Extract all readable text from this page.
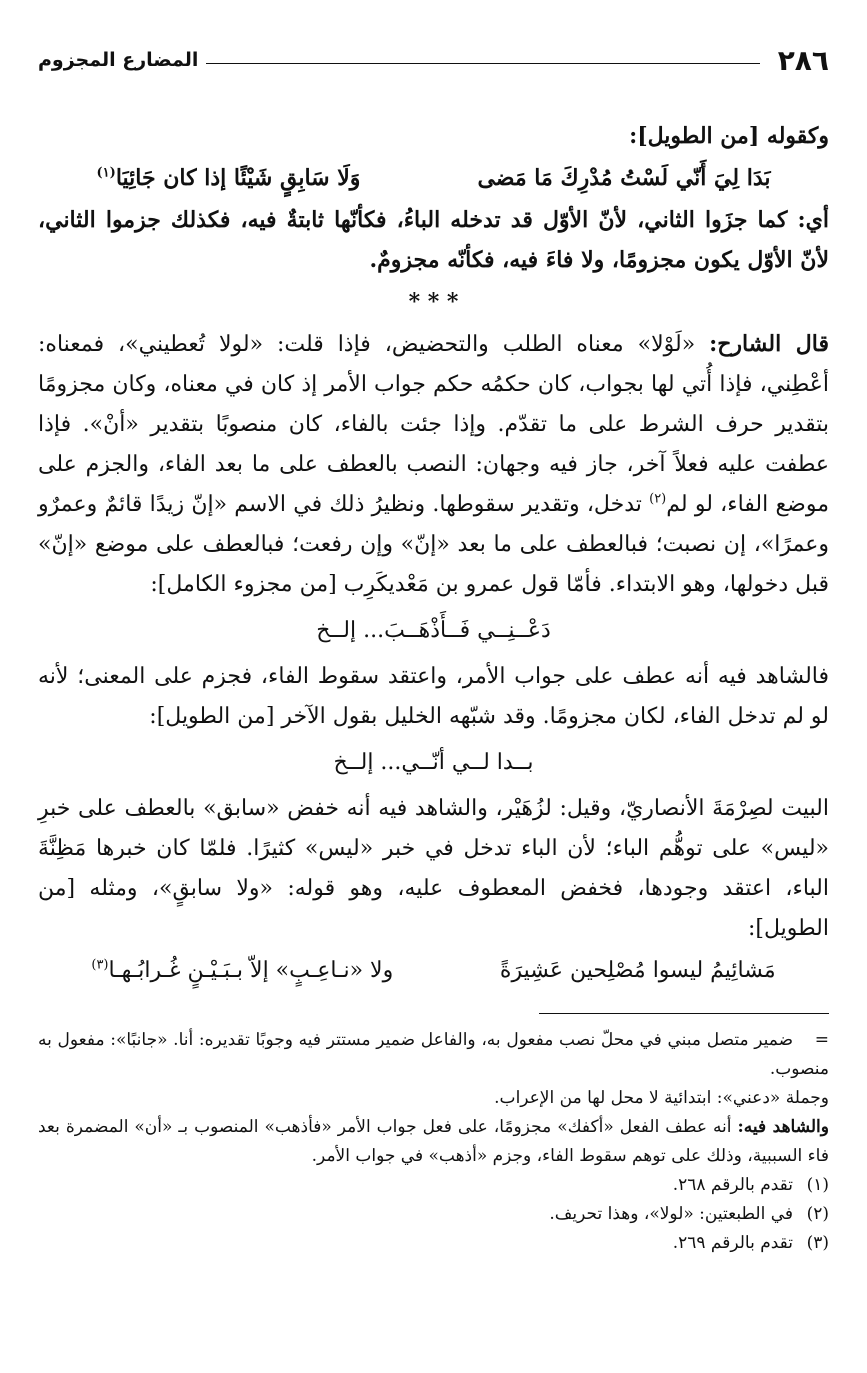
٢٨٦
المضارع المجزوم

وكقوله [من الطويل]:

بَدَا لِيَ أَنّي لَسْتُ مُدْرِكَ مَا مَضى
وَلَا سَابِقٍ شَيْئًا إذا كان جَائِيَا$^{(١)}$

أي: كما جزَوا الثاني، لأنّ الأوّل قد تدخله الباءُ، فكأنّها ثابتةٌ فيه، فكذلك جزموا الثاني، لأنّ الأوّل يكون مجزومًا، ولا فاءَ فيه، فكأنّه مجزومٌ.

* * *

قال الشارح: «لَوْلا» معناه الطلب والتحضيض، فإذا قلت: «لولا تُعطيني»، فمعناه: أعْطِني، فإذا أُتي لها بجواب، كان حكمُه حكم جواب الأمر إذ كان في معناه، وكان مجزومًا بتقدير حرف الشرط على ما تقدّم. وإذا جئت بالفاء، كان منصوبًا بتقدير «أنْ». فإذا عطفت عليه فعلاً آخر، جاز فيه وجهان: النصب بالعطف على ما بعد الفاء، والجزم على موضع الفاء، لو لم$^{(٢)}$ تدخل، وتقدير سقوطها. ونظيرُ ذلك في الاسم «إنّ زيدًا قائمٌ وعمرٌو وعمرًا»، إن نصبت؛ فبالعطف على ما بعد «إنّ» وإن رفعت؛ فبالعطف على موضع «إنّ» قبل دخولها، وهو الابتداء. فأمّا قول عمرو بن مَعْديكَرِب [من مجزوء الكامل]:

دَعْــنِــي فَــأَذْهَــبَ... إلــخ

فالشاهد فيه أنه عطف على جواب الأمر، واعتقد سقوط الفاء، فجزم على المعنى؛ لأنه لو لم تدخل الفاء، لكان مجزومًا. وقد شبّهه الخليل بقول الآخر [من الطويل]:

بــدا لــي أنّــي... إلــخ

البيت لصِرْمَةَ الأنصاريّ، وقيل: لزُهَيْر، والشاهد فيه أنه خفض «سابق» بالعطف على خبرِ «ليس» على توهُّم الباء؛ لأن الباء تدخل في خبر «ليس» كثيرًا. فلمّا كان خبرها مَظِنَّةَ الباء، اعتقد وجودها، فخفض المعطوف عليه، وهو قوله: «ولا سابقٍ»، ومثله [من الطويل]:

مَشائِيمُ ليسوا مُصْلِحين عَشِيرَةً
ولا «نـاعِـبٍ» إلاّ بـبَـيْـنٍ غُـرابُـهـا$^{(٣)}$

=ضمير متصل مبني في محلّ نصب مفعول به، والفاعل ضمير مستتر فيه وجوبًا تقديره: أنا. «جانبًا»: مفعول به منصوب.

وجملة «دعني»: ابتدائية لا محل لها من الإعراب.

والشاهد فيه: أنه عطف الفعل «أكفك» مجزومًا، على فعل جواب الأمر «فأذهب» المنصوب بـ «أن» المضمرة بعد فاء السببية، وذلك على توهم سقوط الفاء، وجزم «أذهب» في جواب الأمر.

(١)تقدم بالرقم ٢٦٨.

(٢)في الطبعتين: «لولا»، وهذا تحريف.

(٣)تقدم بالرقم ٢٦٩.
